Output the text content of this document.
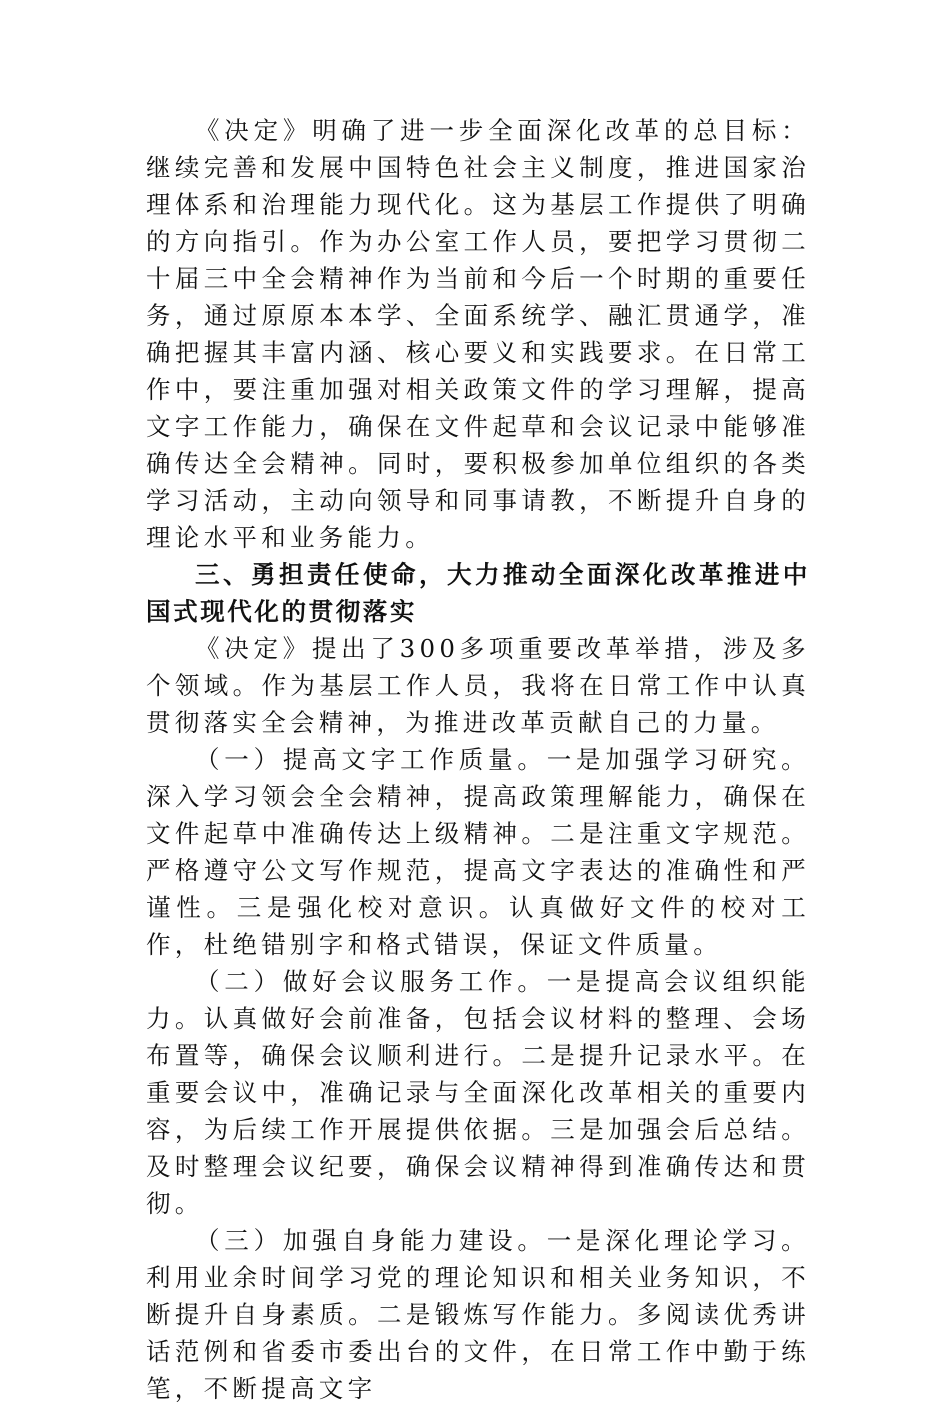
《决定》明确了进一步全面深化改革的总目标：继续完善和发展中国特色社会主义制度，推进国家治理体系和治理能力现代化。这为基层工作提供了明确的方向指引。作为办公室工作人员，要把学习贯彻二十届三中全会精神作为当前和今后一个时期的重要任务，通过原原本本学、全面系统学、融汇贯通学，准确把握其丰富内涵、核心要义和实践要求。在日常工作中，要注重加强对相关政策文件的学习理解，提高文字工作能力，确保在文件起草和会议记录中能够准确传达全会精神。同时，要积极参加单位组织的各类学习活动，主动向领导和同事请教，不断提升自身的理论水平和业务能力。

三、勇担责任使命，大力推动全面深化改革推进中国式现代化的贯彻落实

《决定》提出了300多项重要改革举措，涉及多个领域。作为基层工作人员，我将在日常工作中认真贯彻落实全会精神，为推进改革贡献自己的力量。

（一）提高文字工作质量。一是加强学习研究。深入学习领会全会精神，提高政策理解能力，确保在文件起草中准确传达上级精神。二是注重文字规范。严格遵守公文写作规范，提高文字表达的准确性和严谨性。三是强化校对意识。认真做好文件的校对工作，杜绝错别字和格式错误，保证文件质量。

（二）做好会议服务工作。一是提高会议组织能力。认真做好会前准备，包括会议材料的整理、会场布置等，确保会议顺利进行。二是提升记录水平。在重要会议中，准确记录与全面深化改革相关的重要内容，为后续工作开展提供依据。三是加强会后总结。及时整理会议纪要，确保会议精神得到准确传达和贯彻。

（三）加强自身能力建设。一是深化理论学习。利用业余时间学习党的理论知识和相关业务知识，不断提升自身素质。二是锻炼写作能力。多阅读优秀讲话范例和省委市委出台的文件，在日常工作中勤于练笔，不断提高文字
